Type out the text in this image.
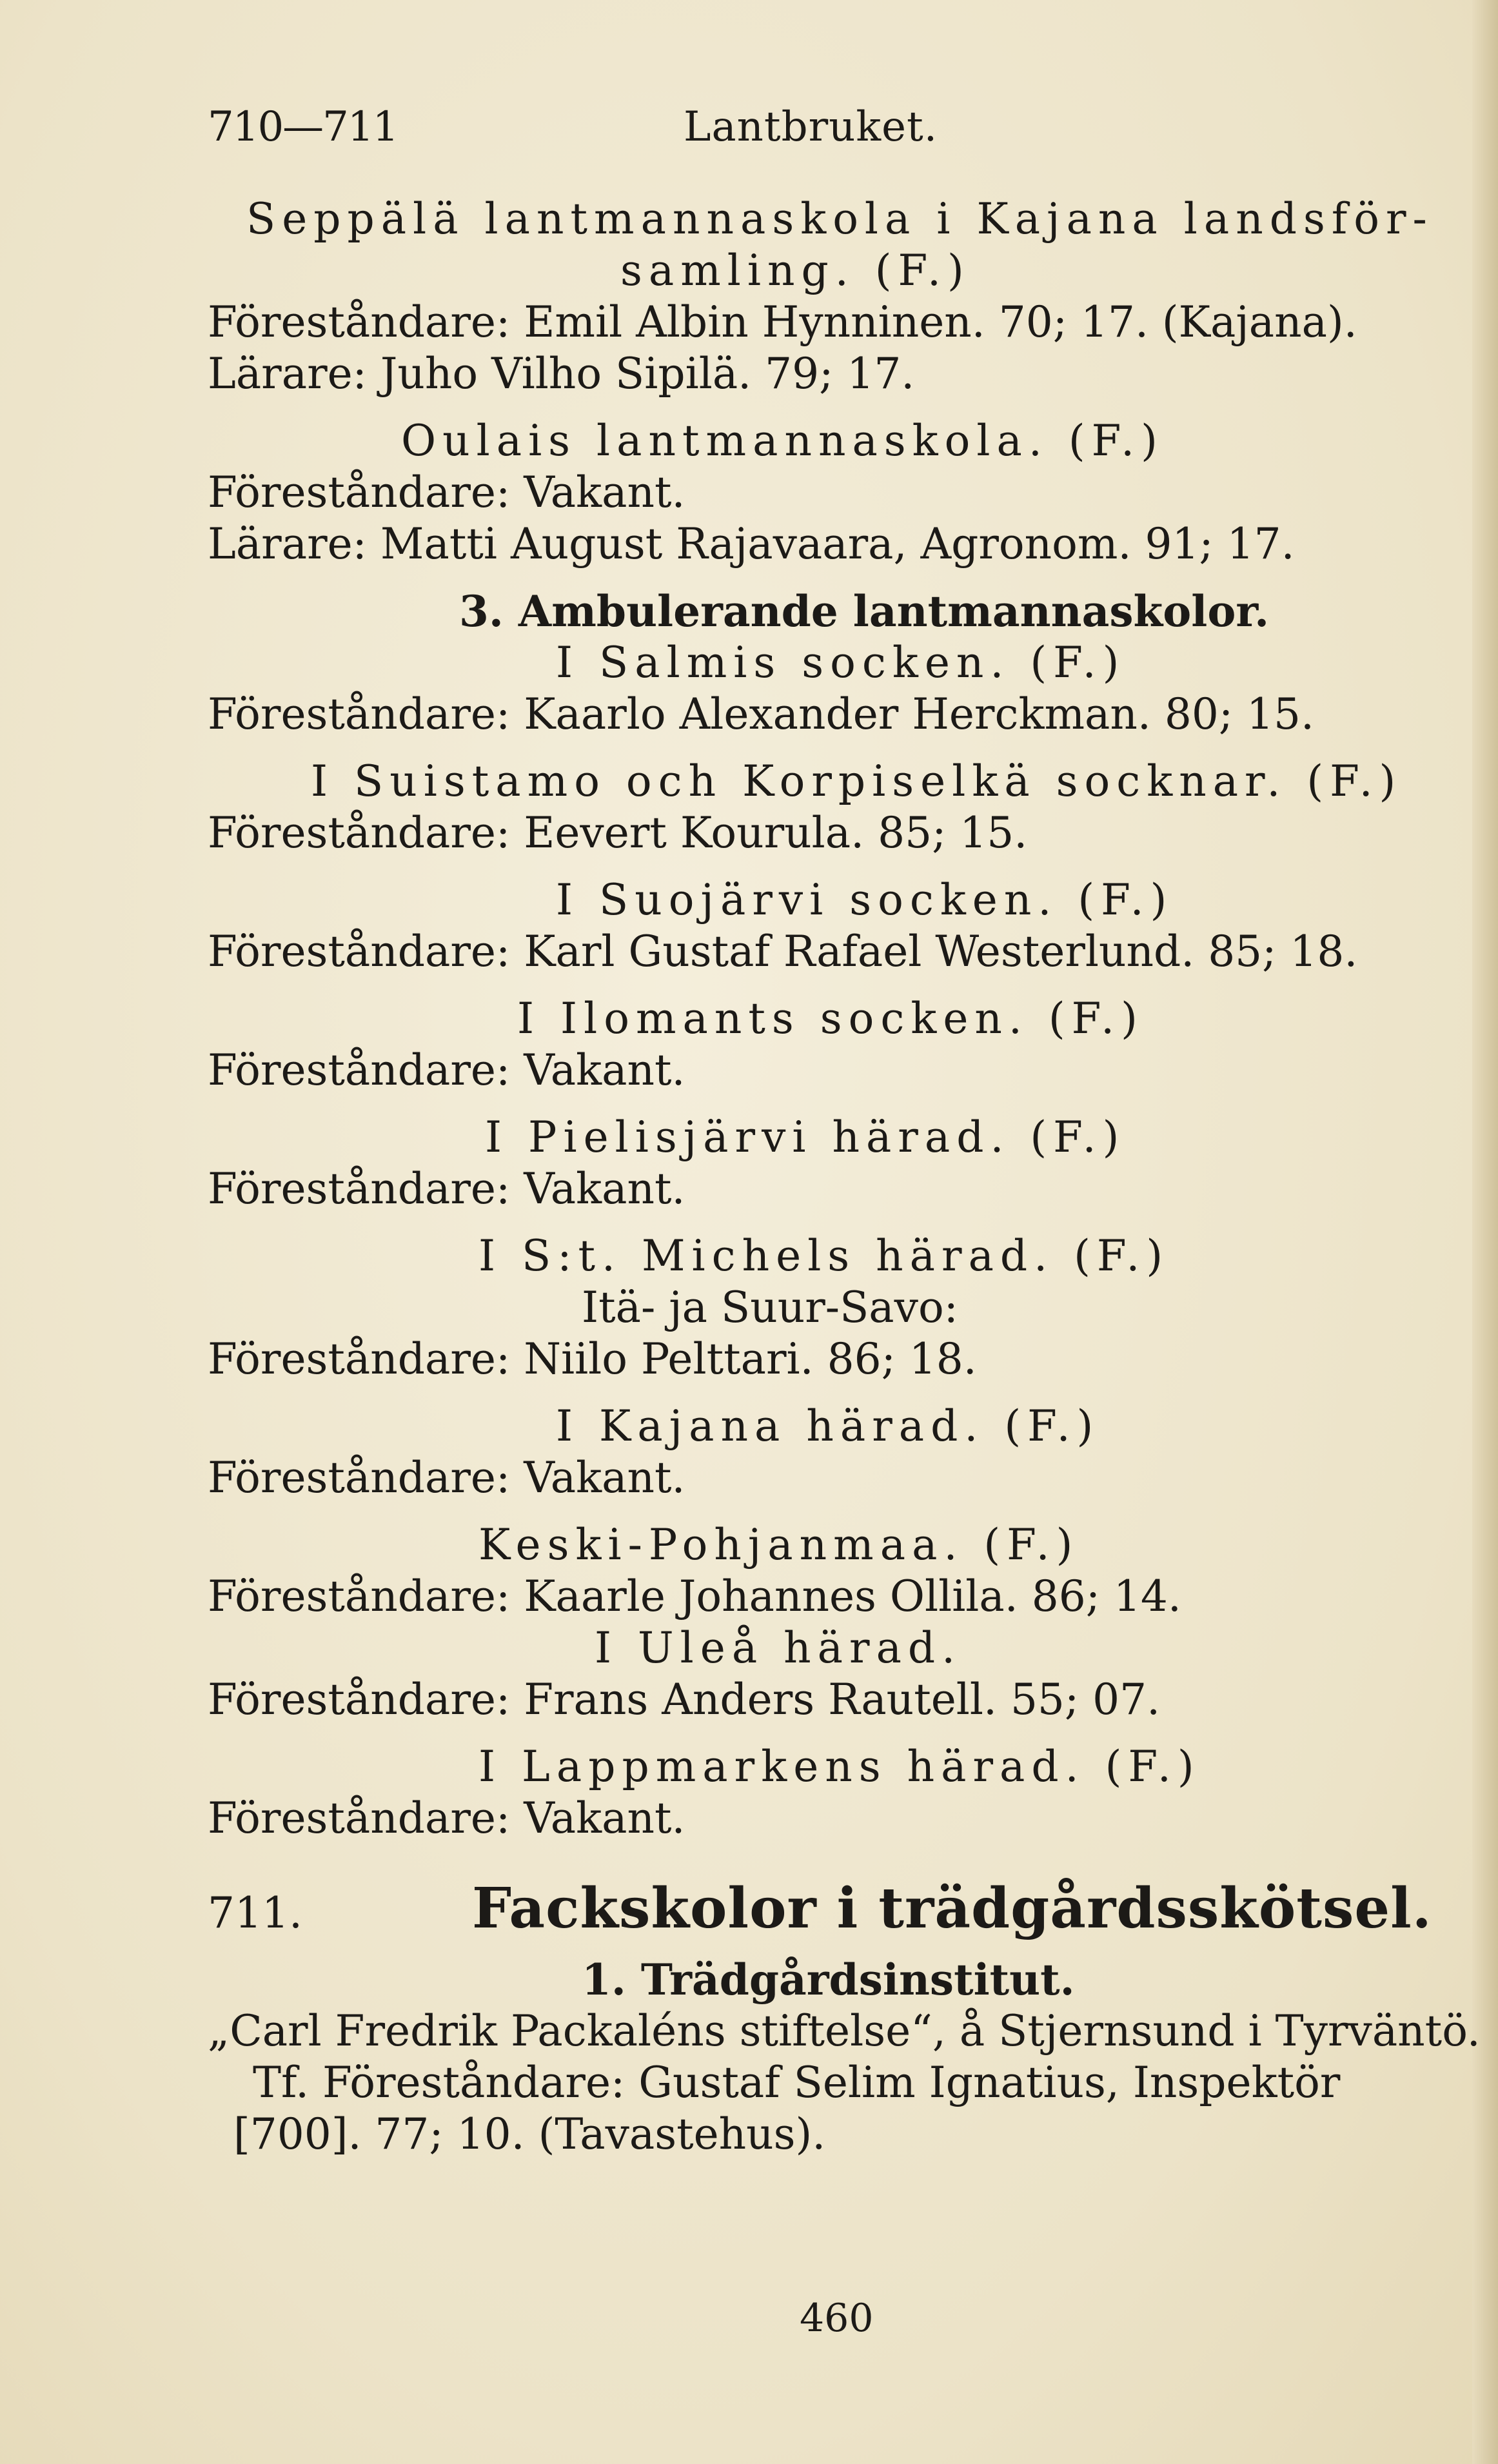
710—711	Lantbruket.
Seppälä lantmannaskola i Kajana landsför-
samling. (F.)
Föreståndare: Emil Albin Hynninen. 70; 17. (Kajana).
Lärare: Juho Vilho Sipilä. 79; 17.
Oulais lantmannaskola. (F.)
Föreståndare: Vakant.
Lärare: Matti August Rajavaara, Agronom. 91; 17.
3. Ambulerande lantmannaskolor.
I Salmis socken. (F.)
Föreståndare: Kaarlo Alexander Herckman. 80; 15.
I Suistamo och Korpiselkä socknar. (F.)
Föreståndare: Eevert Kourula. 85; 15.
I Suojärvi socken. (F.)
Föreståndare: Karl Gustaf Rafael Westerlund. 85; 18.
I Ilomants socken. (F.)
Föreståndare: Vakant.
I Pielisjärvi härad. (F.)
Föreståndare: Vakant.
I S:t. Michels härad. (F.)
Itä- ja Suur-Savo:
Föreståndare: Niilo Pelttari. 86; 18.
I Kajana härad. (F.)
Föreståndare: Vakant.
Keski-Pohjanmaa. (F.)
Föreståndare: Kaarle Johannes Ollila. 86; 14.
I Uleå härad.
Föreståndare: Frans Anders Rautell. 55; 07.
I Lappmarkens härad. (F.)
Föreståndare: Vakant.
711.	Fackskolor i trädgårdsskötsel.
1. Trädgårdsinstitut.
„Carl Fredrik Packaléns stiftelse“, å Stjernsund i Tyrväntö.
Tf. Föreståndare: Gustaf Selim Ignatius, Inspektör
[700]. 77; 10. (Tavastehus).
460
